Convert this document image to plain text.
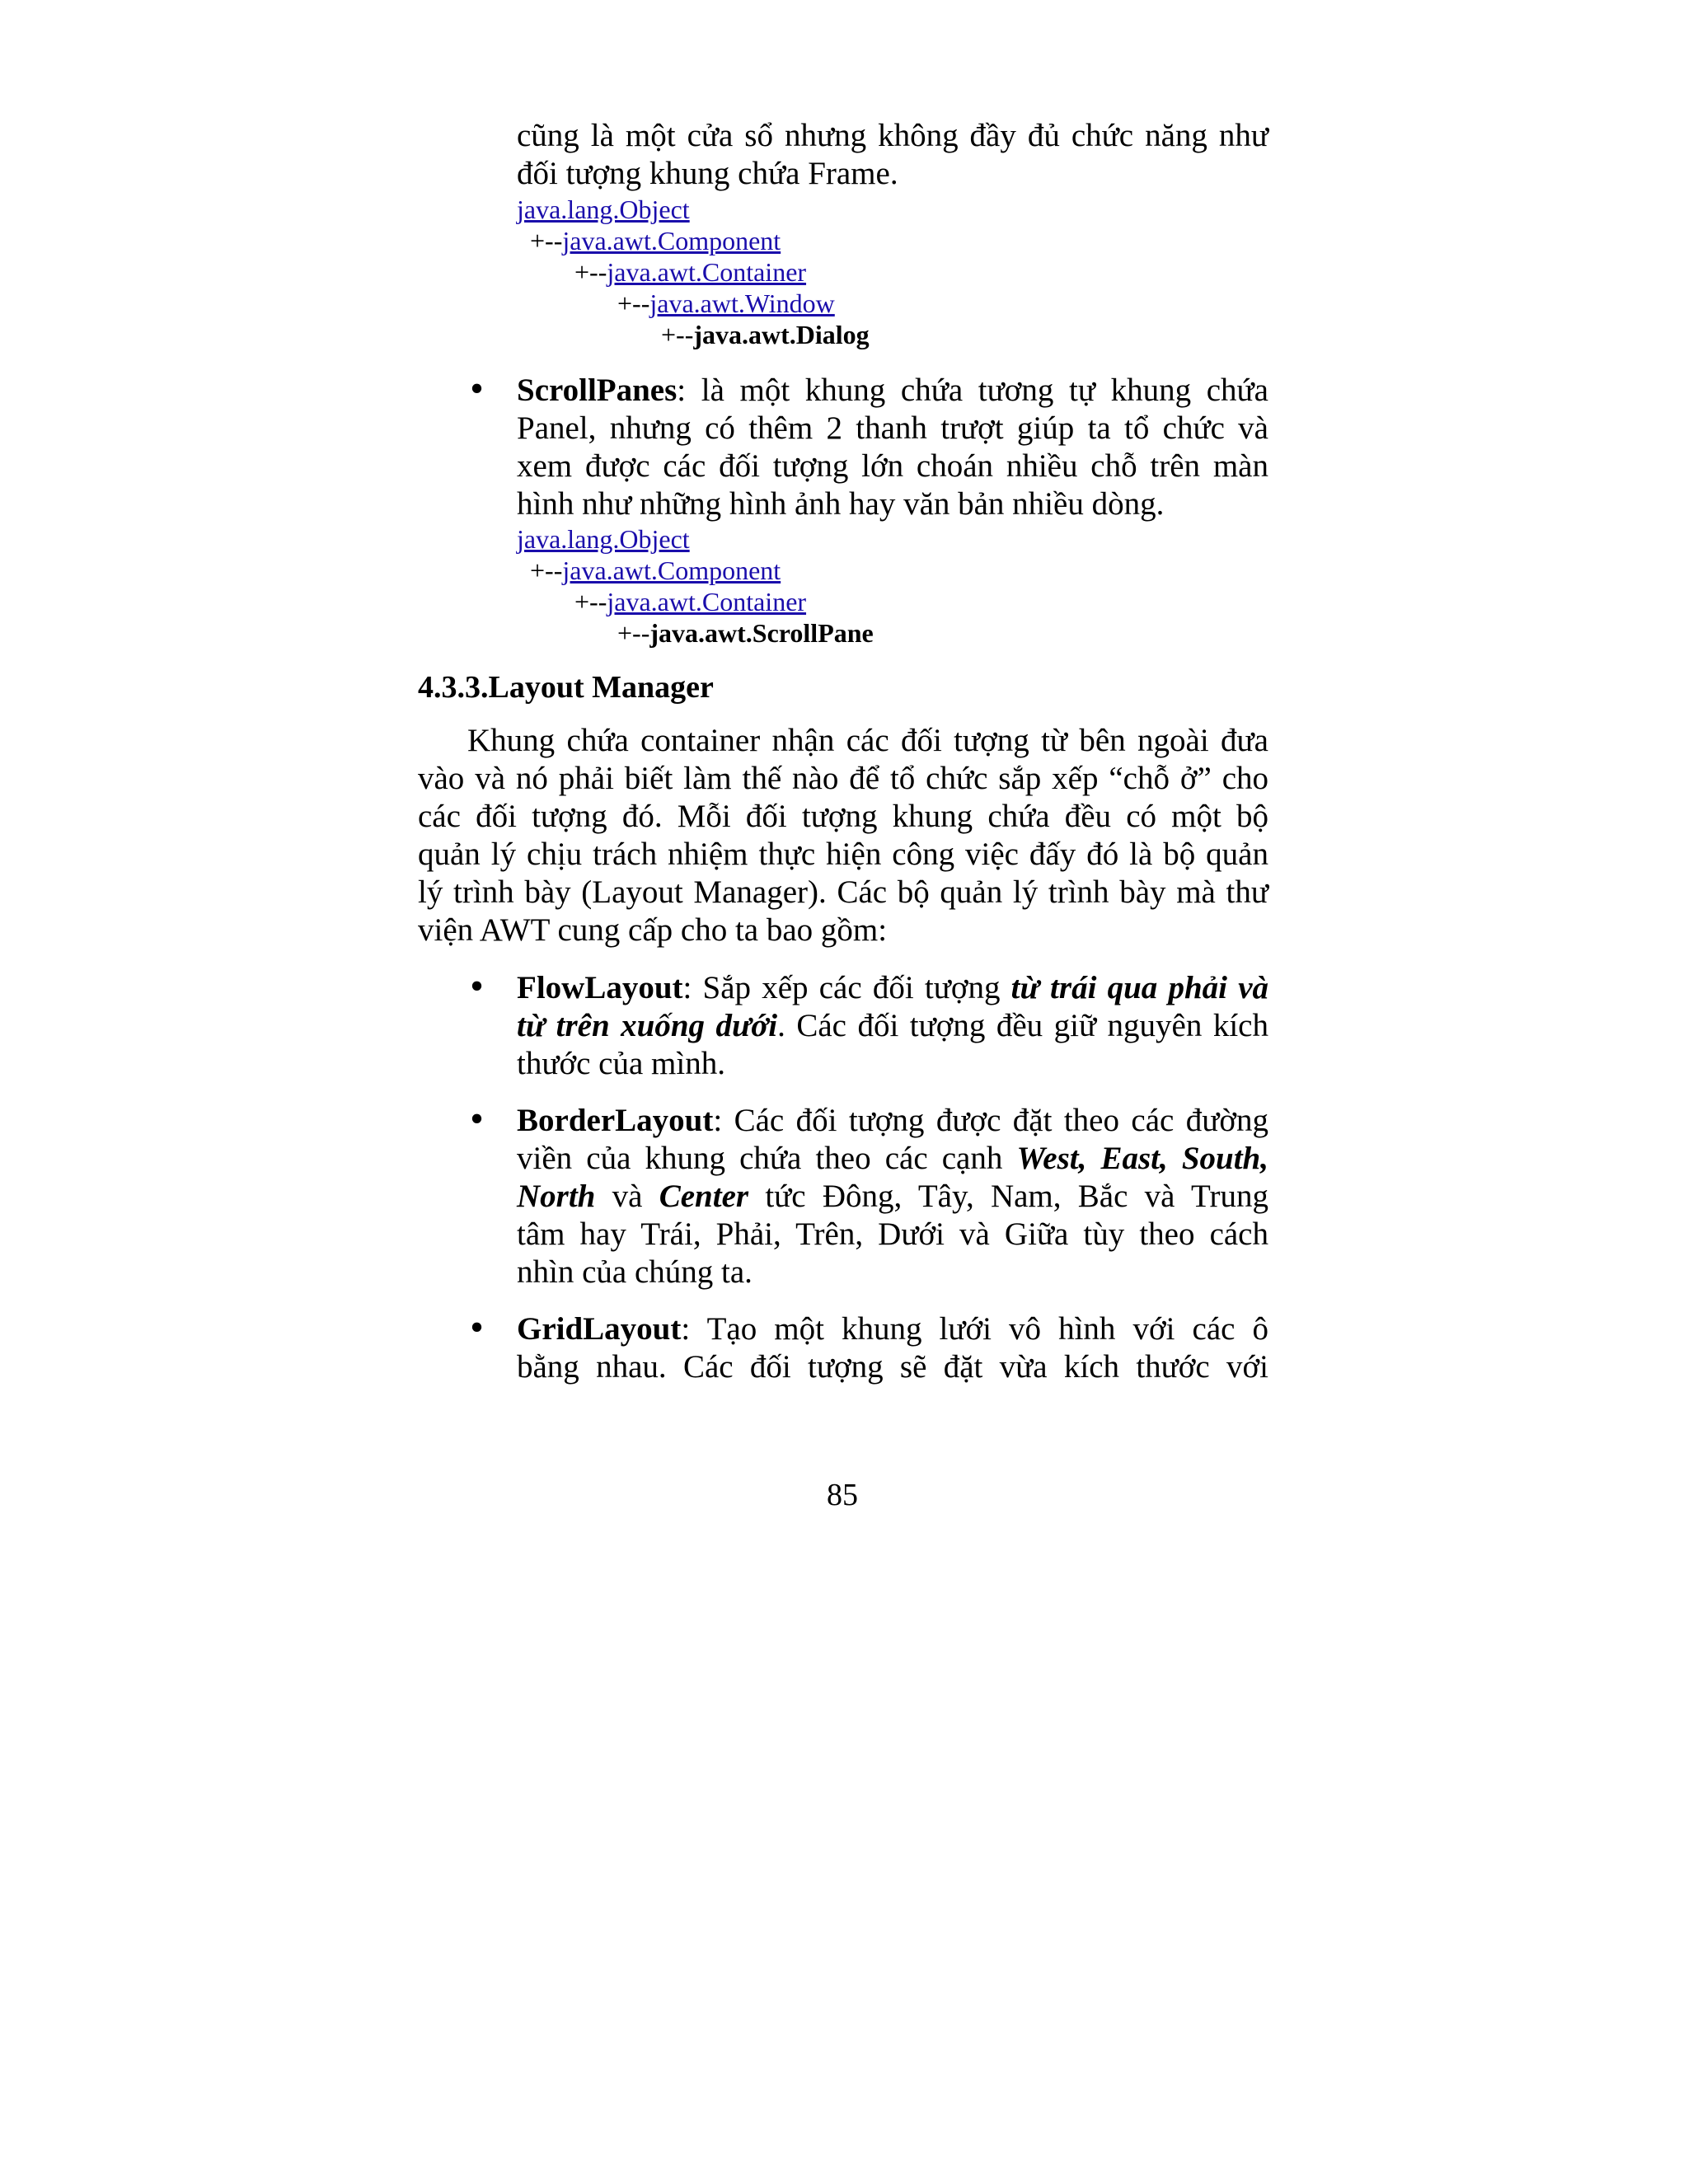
cũng là một cửa sổ nhưng không đầy đủ chức năng như
đối tượng khung chứa Frame.
java.lang.Object
+--java.awt.Component
+--java.awt.Container
+--java.awt.Window
+--java.awt.Dialog
• ScrollPanes: là một khung chứa tương tự khung chứa
Panel, nhưng có thêm 2 thanh trượt giúp ta tổ chức và
xem được các đối tượng lớn choán nhiều chỗ trên màn
hình như những hình ảnh hay văn bản nhiều dòng.
java.lang.Object
+--java.awt.Component
+--java.awt.Container
+--java.awt.ScrollPane
4.3.3.Layout Manager
Khung chứa container nhận các đối tượng từ bên ngoài đưa
vào và nó phải biết làm thế nào để tổ chức sắp xếp “chỗ ở” cho
các đối tượng đó. Mỗi đối tượng khung chứa đều có một bộ
quản lý chịu trách nhiệm thực hiện công việc đấy đó là bộ quản
lý trình bày (Layout Manager). Các bộ quản lý trình bày mà thư
viện AWT cung cấp cho ta bao gồm:
• FlowLayout: Sắp xếp các đối tượng từ trái qua phải và
từ trên xuống dưới. Các đối tượng đều giữ nguyên kích
thước của mình.
• BorderLayout: Các đối tượng được đặt theo các đường
viền của khung chứa theo các cạnh West, East, South,
North và Center tức Đông, Tây, Nam, Bắc và Trung
tâm hay Trái, Phải, Trên, Dưới và Giữa tùy theo cách
nhìn của chúng ta.
• GridLayout: Tạo một khung lưới vô hình với các ô
bằng nhau. Các đối tượng sẽ đặt vừa kích thước với
85
